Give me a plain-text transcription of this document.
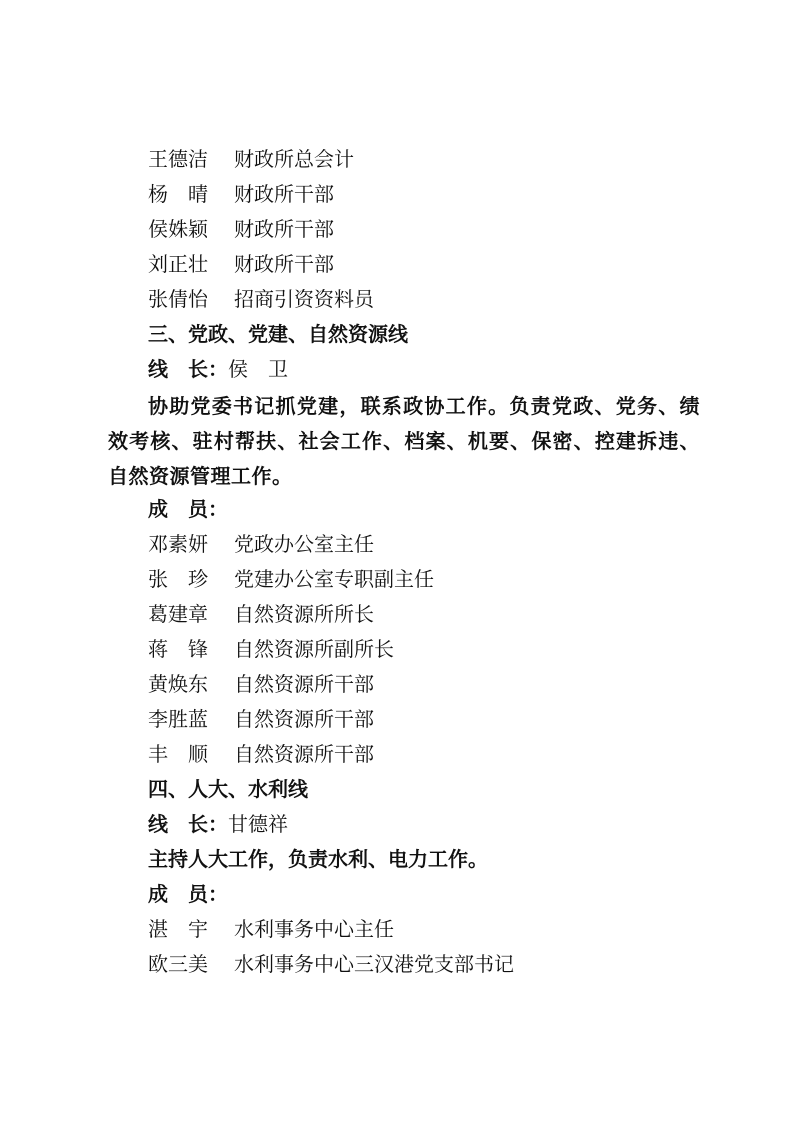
王德洁 财政所总会计
杨　晴 财政所干部
侯姝颖 财政所干部
刘正壮 财政所干部
张倩怡 招商引资资料员
三、党政、党建、自然资源线
线　长：侯　卫
协助党委书记抓党建，联系政协工作。负责党政、党务、绩效考核、驻村帮扶、社会工作、档案、机要、保密、控建拆违、自然资源管理工作。
成　员：
邓素妍 党政办公室主任
张　珍 党建办公室专职副主任
葛建章 自然资源所所长
蒋　锋 自然资源所副所长
黄焕东 自然资源所干部
李胜蓝 自然资源所干部
丰　顺 自然资源所干部
四、人大、水利线
线　长：甘德祥
主持人大工作，负责水利、电力工作。
成　员：
湛　宇 水利事务中心主任
欧三美 水利事务中心三汉港党支部书记
